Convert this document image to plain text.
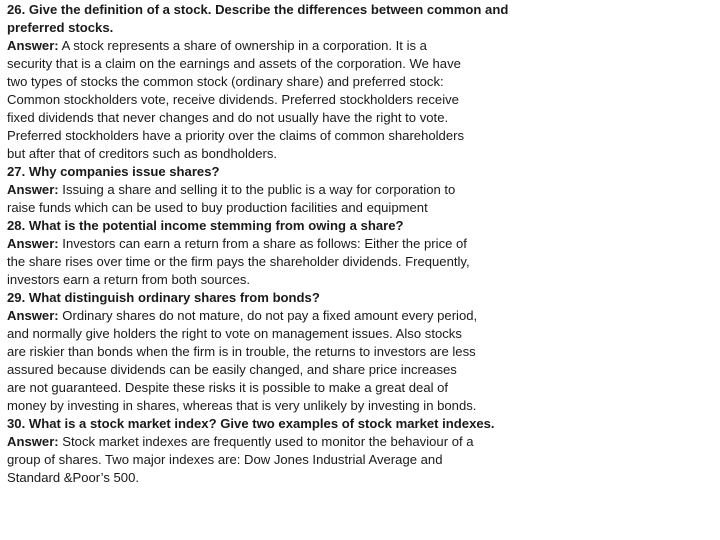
26. Give the definition of a stock. Describe the differences between common and
preferred stocks.
Answer: A stock represents a share of ownership in a corporation. It is a
security that is a claim on the earnings and assets of the corporation. We have
two types of stocks the common stock (ordinary share) and preferred stock:
Common stockholders vote, receive dividends. Preferred stockholders receive
fixed dividends that never changes and do not usually have the right to vote.
Preferred stockholders have a priority over the claims of common shareholders
but after that of creditors such as bondholders.
27. Why companies issue shares?
Answer: Issuing a share and selling it to the public is a way for corporation to
raise funds which can be used to buy production facilities and equipment
28. What is the potential income stemming from owing a share?
Answer: Investors can earn a return from a share as follows: Either the price of
the share rises over time or the firm pays the shareholder dividends. Frequently,
investors earn a return from both sources.
29. What distinguish ordinary shares from bonds?
Answer: Ordinary shares do not mature, do not pay a fixed amount every period,
and normally give holders the right to vote on management issues. Also stocks
are riskier than bonds when the firm is in trouble, the returns to investors are less
assured because dividends can be easily changed, and share price increases
are not guaranteed. Despite these risks it is possible to make a great deal of
money by investing in shares, whereas that is very unlikely by investing in bonds.
30. What is a stock market index? Give two examples of stock market indexes.
Answer: Stock market indexes are frequently used to monitor the behaviour of a
group of shares. Two major indexes are: Dow Jones Industrial Average and
Standard &Poor’s 500.
